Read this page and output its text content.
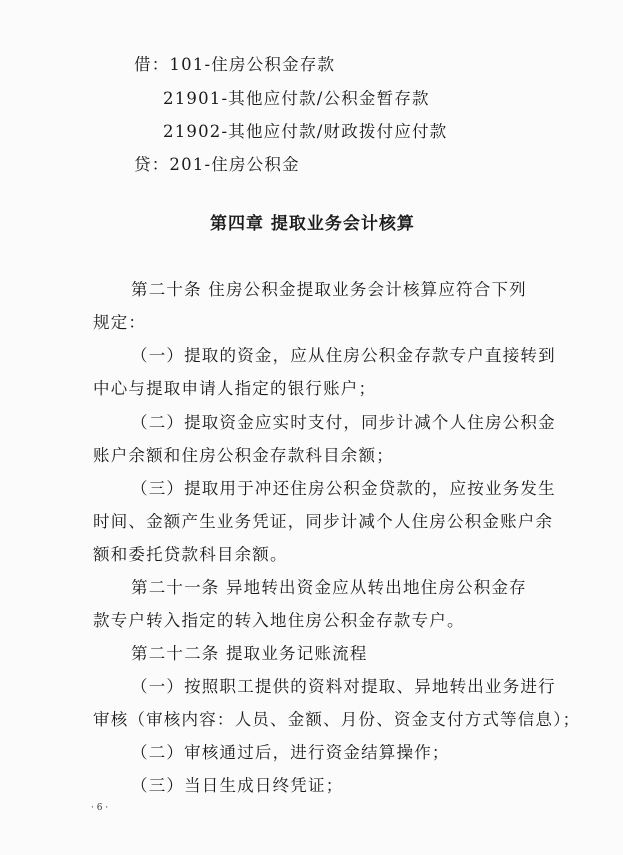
借：101-住房公积金存款
21901-其他应付款/公积金暂存款
21902-其他应付款/财政拨付应付款
贷：201-住房公积金
第四章 提取业务会计核算
第二十条 住房公积金提取业务会计核算应符合下列
规定：
（一）提取的资金，应从住房公积金存款专户直接转到
中心与提取申请人指定的银行账户；
（二）提取资金应实时支付，同步计减个人住房公积金
账户余额和住房公积金存款科目余额；
（三）提取用于冲还住房公积金贷款的，应按业务发生
时间、金额产生业务凭证，同步计减个人住房公积金账户余
额和委托贷款科目余额。
第二十一条 异地转出资金应从转出地住房公积金存
款专户转入指定的转入地住房公积金存款专户。
第二十二条 提取业务记账流程
（一）按照职工提供的资料对提取、异地转出业务进行
审核（审核内容：人员、金额、月份、资金支付方式等信息）；
（二）审核通过后，进行资金结算操作；
（三）当日生成日终凭证；
· 6 ·
